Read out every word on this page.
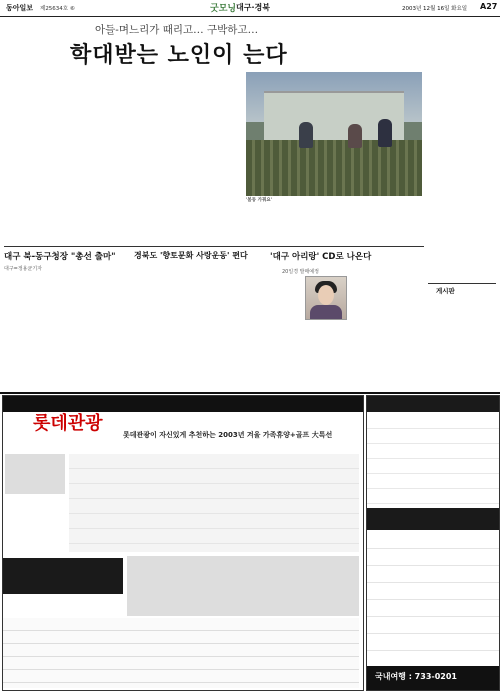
동아일보 제25634호 ⑥	굿모닝 대구·경북	2003년 12월 16일 화요일 A27
아들-며느리가 때리고… 구박하고…
학대받는 노인이 는다
'봄동 가꿔요'
게시판
대구 북-동구청장 "총선 출마"
대구=정용균기자
경북도 '향토문화 사랑운동' 편다	'대구 아리랑' CD로 나온다
20일경 발매예정
롯데관광
롯데관광이 자신있게 추천하는 2003년 겨울 가족휴양+골프 大특선
국내여행 : 733-0201
